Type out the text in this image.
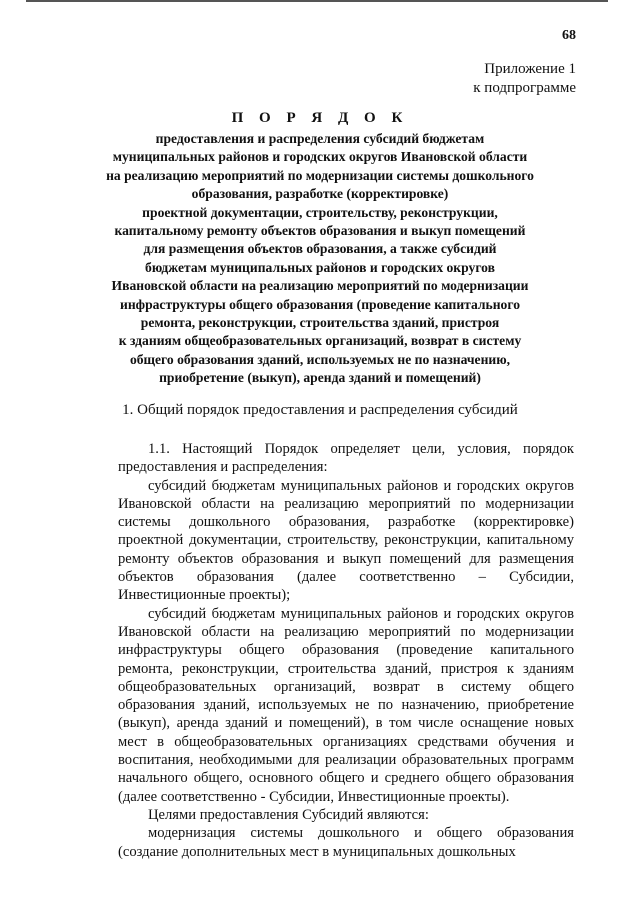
68
Приложение 1
к подпрограмме
П О Р Я Д О К
предоставления и распределения субсидий бюджетам
муниципальных районов и городских округов Ивановской области
на реализацию мероприятий по модернизации системы дошкольного
образования, разработке (корректировке)
проектной документации, строительству, реконструкции,
капитальному ремонту объектов образования и выкуп помещений
для размещения объектов образования, а также субсидий
бюджетам муниципальных районов и городских округов
Ивановской области на реализацию мероприятий по модернизации
инфраструктуры общего образования (проведение капитального
ремонта, реконструкции, строительства зданий, пристроя
к зданиям общеобразовательных организаций, возврат в систему
общего образования зданий, используемых не по назначению,
приобретение (выкуп), аренда зданий и помещений)
1. Общий порядок предоставления и распределения субсидий

1.1. Настоящий Порядок определяет цели, условия, порядок предоставления и распределения:

субсидий бюджетам муниципальных районов и городских округов Ивановской области на реализацию мероприятий по модернизации системы дошкольного образования, разработке (корректировке) проектной документации, строительству, реконструкции, капитальному ремонту объектов образования и выкуп помещений для размещения объектов образования (далее соответственно – Субсидии, Инвестиционные проекты);

субсидий бюджетам муниципальных районов и городских округов Ивановской области на реализацию мероприятий по модернизации инфраструктуры общего образования (проведение капитального ремонта, реконструкции, строительства зданий, пристроя к зданиям общеобразовательных организаций, возврат в систему общего образования зданий, используемых не по назначению, приобретение (выкуп), аренда зданий и помещений), в том числе оснащение новых мест в общеобразовательных организациях средствами обучения и воспитания, необходимыми для реализации образовательных программ начального общего, основного общего и среднего общего образования (далее соответственно - Субсидии, Инвестиционные проекты).

Целями предоставления Субсидий являются:

модернизация системы дошкольного и общего образования (создание дополнительных мест в муниципальных дошкольных
